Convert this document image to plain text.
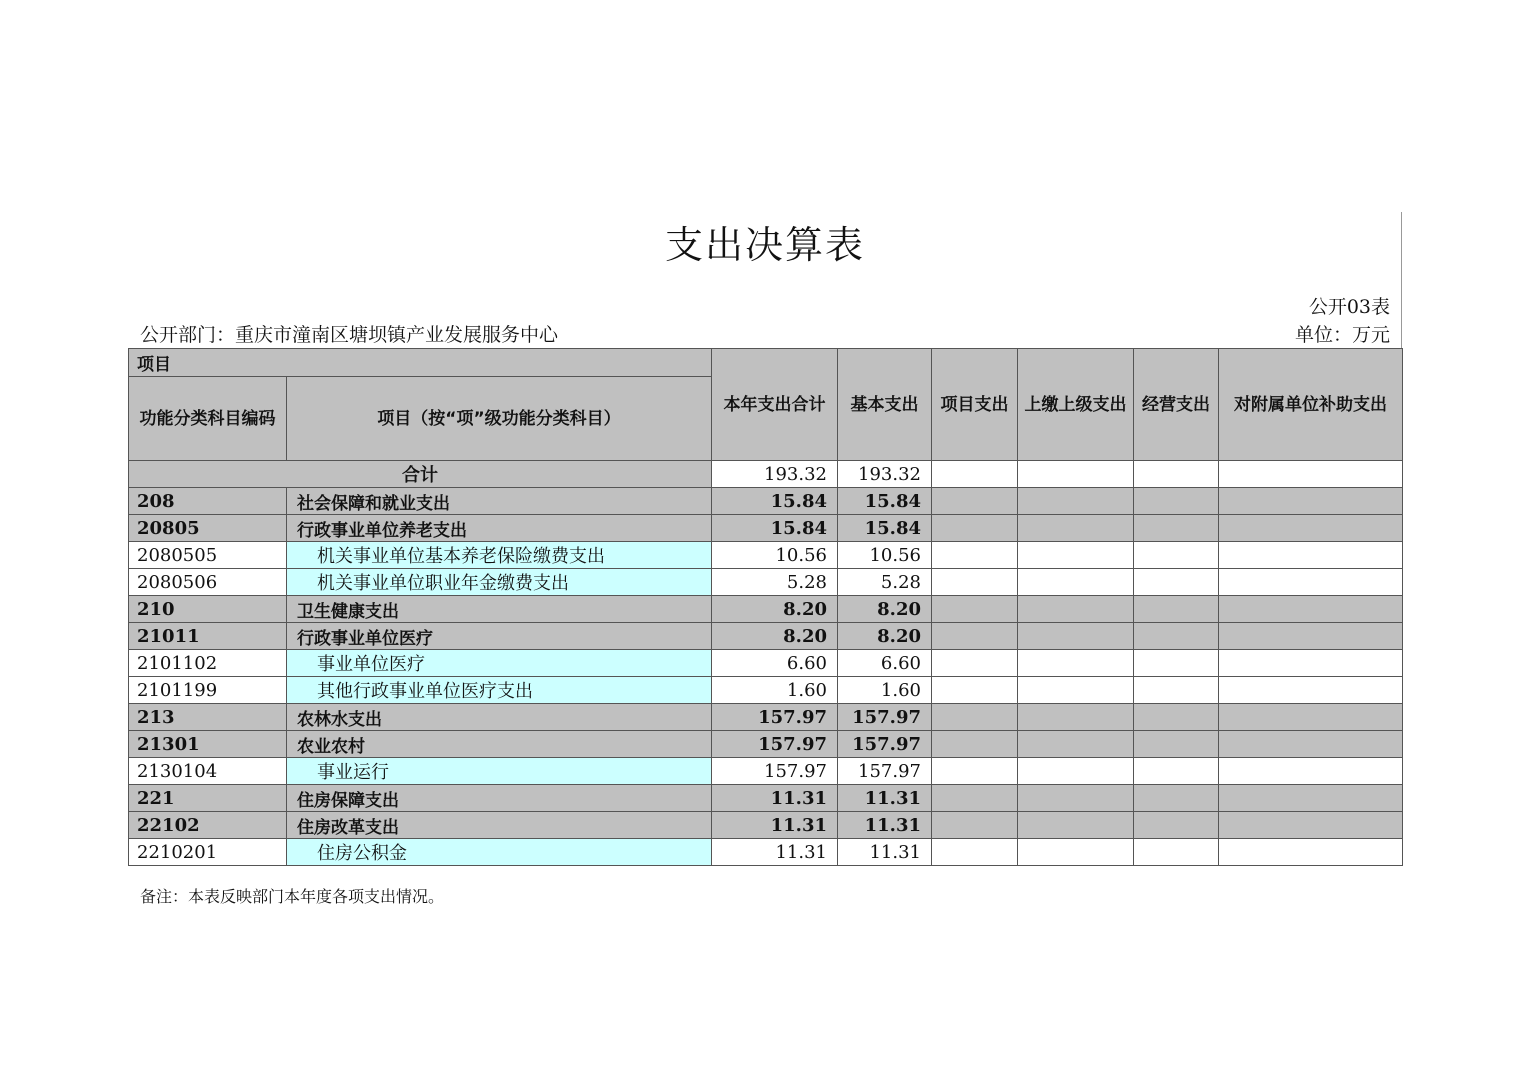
支出决算表
公开03表
单位：万元
公开部门：重庆市潼南区塘坝镇产业发展服务中心
项目		本年支出合计	基本支出	项目支出	上缴上级支出	经营支出	对附属单位补助支出

功能分类科目编码	项目（按“项”级功能分类科目）						

合计		193.32	193.32				
208	社会保障和就业支出	15.84	15.84				
20805	行政事业单位养老支出	15.84	15.84				
2080505	机关事业单位基本养老保险缴费支出	10.56	10.56				
2080506	机关事业单位职业年金缴费支出	5.28	5.28				
210	卫生健康支出	8.20	8.20				
21011	行政事业单位医疗	8.20	8.20				
2101102	事业单位医疗	6.60	6.60				
2101199	其他行政事业单位医疗支出	1.60	1.60				
213	农林水支出	157.97	157.97				
21301	农业农村	157.97	157.97				
2130104	事业运行	157.97	157.97				
221	住房保障支出	11.31	11.31				
22102	住房改革支出	11.31	11.31				
2210201	住房公积金	11.31	11.31				
备注：本表反映部门本年度各项支出情况。
